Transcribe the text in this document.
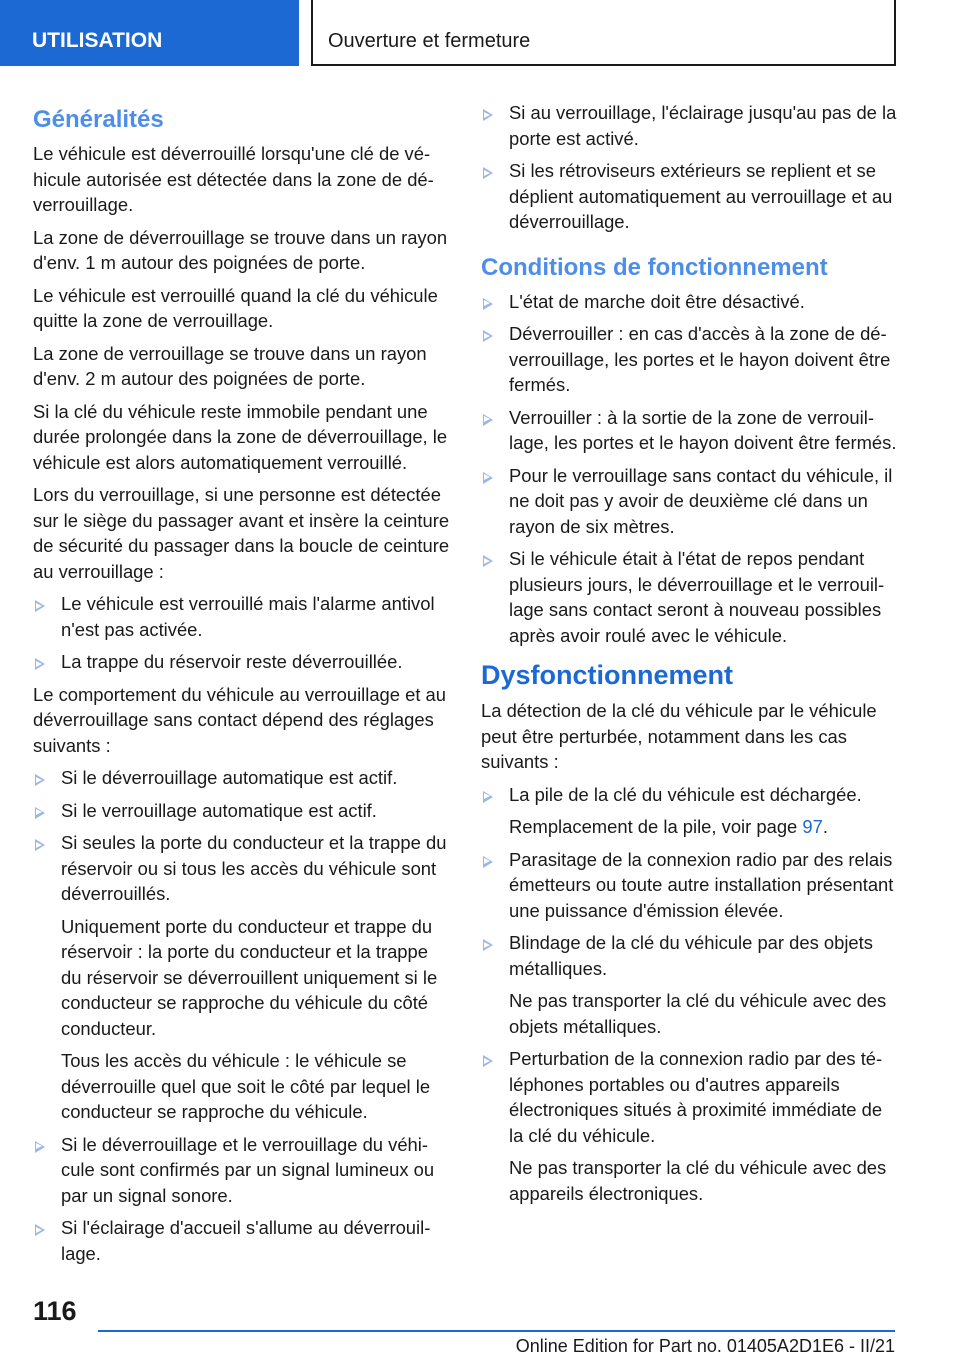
UTILISATION	Ouverture et fermeture
Généralités

Le véhicule est déverrouillé lorsqu'une clé de véhicule autorisée est détectée dans la zone de déverrouillage.

La zone de déverrouillage se trouve dans un rayon d'env. 1 m autour des poignées de porte.

Le véhicule est verrouillé quand la clé du véhicule quitte la zone de verrouillage.

La zone de verrouillage se trouve dans un rayon d'env. 2 m autour des poignées de porte.

Si la clé du véhicule reste immobile pendant une durée prolongée dans la zone de déverrouillage, le véhicule est alors automatiquement verrouillé.

Lors du verrouillage, si une personne est détectée sur le siège du passager avant et insère la ceinture de sécurité du passager dans la boucle de ceinture au verrouillage :

Le véhicule est verrouillé mais l'alarme antivol n'est pas activée.
La trappe du réservoir reste déverrouillée.

Le comportement du véhicule au verrouillage et au déverrouillage sans contact dépend des réglages suivants :

Si le déverrouillage automatique est actif.
Si le verrouillage automatique est actif.
Si seules la porte du conducteur et la trappe du réservoir ou si tous les accès du véhicule sont déverrouillés.
Uniquement porte du conducteur et trappe du réservoir : la porte du conducteur et la trappe du réservoir se déverrouillent uniquement si le conducteur se rapproche du véhicule du côté conducteur.
Tous les accès du véhicule : le véhicule se déverrouille quel que soit le côté par lequel le conducteur se rapproche du véhicule.
Si le déverrouillage et le verrouillage du véhicule sont confirmés par un signal lumineux ou par un signal sonore.
Si l'éclairage d'accueil s'allume au déverrouillage.
Si au verrouillage, l'éclairage jusqu'au pas de la porte est activé.
Si les rétroviseurs extérieurs se replient et se déplient automatiquement au verrouillage et au déverrouillage.
Conditions de fonctionnement
L'état de marche doit être désactivé.
Déverrouiller : en cas d'accès à la zone de déverrouillage, les portes et le hayon doivent être fermés.
Verrouiller : à la sortie de la zone de verrouillage, les portes et le hayon doivent être fermés.
Pour le verrouillage sans contact du véhicule, il ne doit pas y avoir de deuxième clé dans un rayon de six mètres.
Si le véhicule était à l'état de repos pendant plusieurs jours, le déverrouillage et le verrouillage sans contact seront à nouveau possibles après avoir roulé avec le véhicule.
Dysfonctionnement

La détection de la clé du véhicule par le véhicule peut être perturbée, notamment dans les cas suivants :

La pile de la clé du véhicule est déchargée.
Remplacement de la pile, voir page 97.
Parasitage de la connexion radio par des relais émetteurs ou toute autre installation présentant une puissance d'émission élevée.
Blindage de la clé du véhicule par des objets métalliques.
Ne pas transporter la clé du véhicule avec des objets métalliques.
Perturbation de la connexion radio par des téléphones portables ou d'autres appareils électroniques situés à proximité immédiate de la clé du véhicule.
Ne pas transporter la clé du véhicule avec des appareils électroniques.
116
Online Edition for Part no. 01405A2D1E6 - II/21
